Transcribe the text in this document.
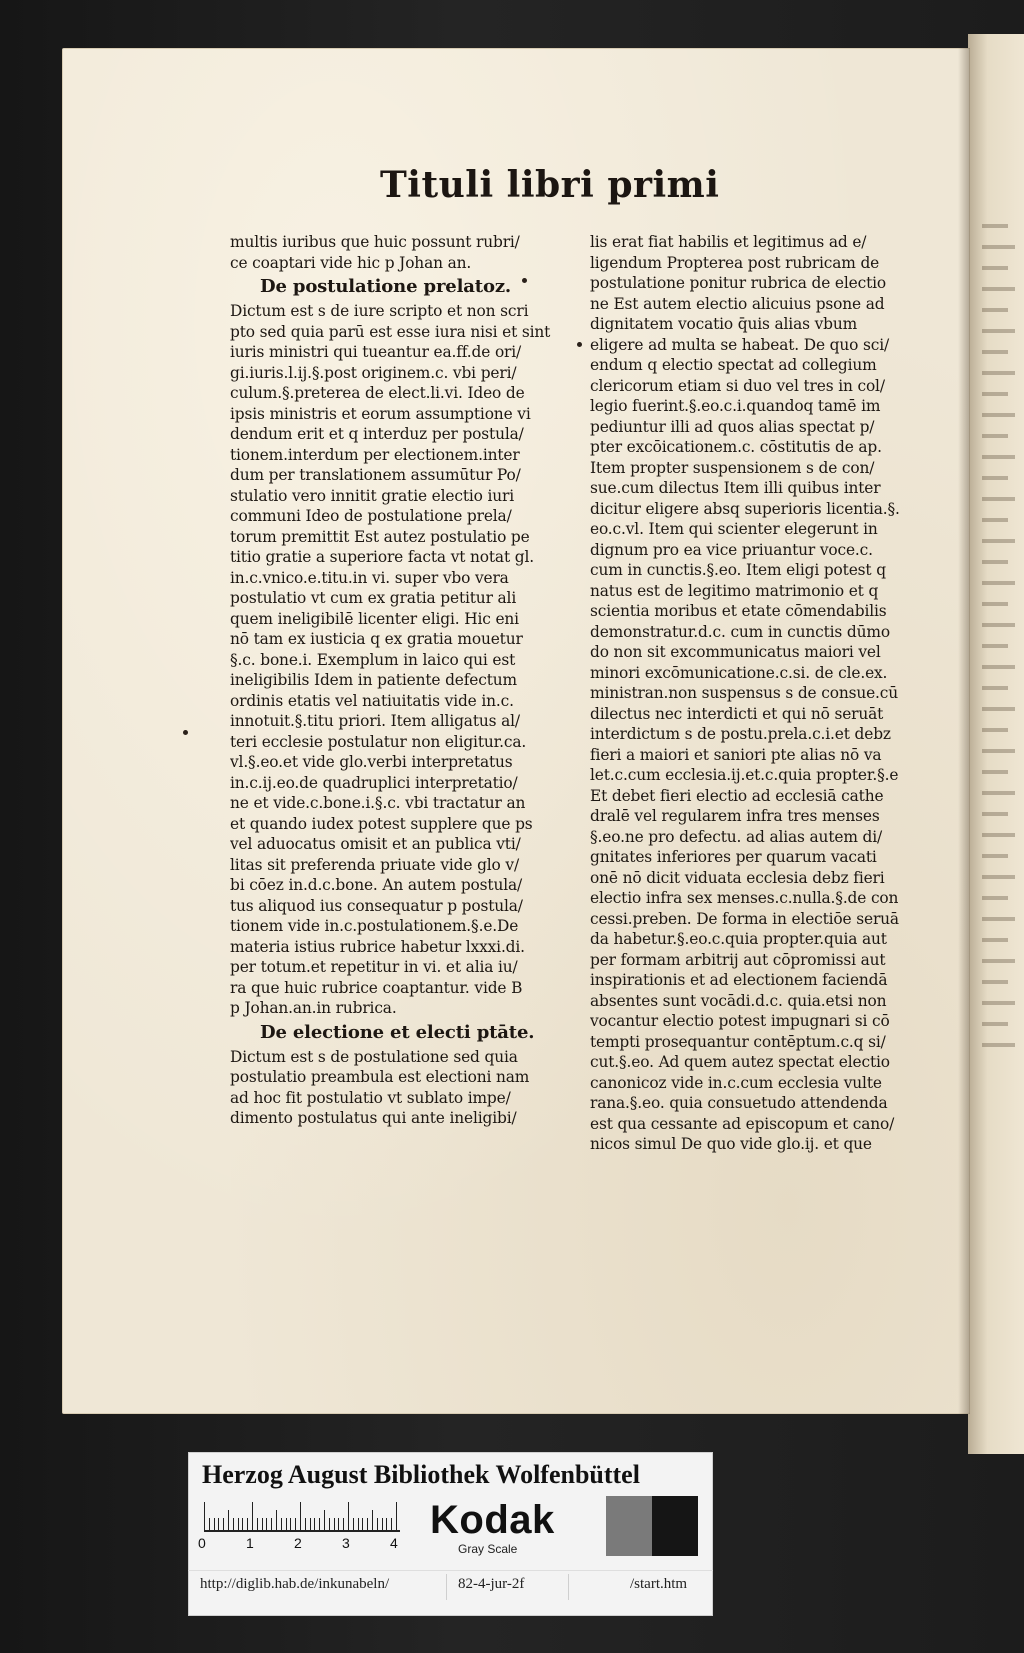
Tituli libri primi
multis iuribus que huic possunt rubri/
ce coaptari vide hic p Johan an.
De postulatione prelatoz.
Dictum est s de iure scripto et non scri
pto sed quia parū est esse iura nisi et sint
iuris ministri qui tueantur ea.ff.de ori/
gi.iuris.l.ij.§.post originem.c. vbi peri/
culum.§.preterea de elect.li.vi. Ideo de
ipsis ministris et eorum assumptione vi
dendum erit et q interduz per postula/
tionem.interdum per electionem.inter
dum per translationem assumūtur Po/
stulatio vero innitit gratie electio iuri
communi Ideo de postulatione prela/
torum premittit Est autez postulatio pe
titio gratie a superiore facta vt notat gl.
in.c.vnico.e.titu.in vi. super vbo vera
postulatio vt cum ex gratia petitur ali
quem ineligibilē licenter eligi. Hic eni
nō tam ex iusticia q ex gratia mouetur
§.c. bone.i. Exemplum in laico qui est
ineligibilis Idem in patiente defectum
ordinis etatis vel natiuitatis vide in.c.
innotuit.§.titu priori. Item alligatus al/
teri ecclesie postulatur non eligitur.ca.
vl.§.eo.et vide glo.verbi interpretatus
in.c.ij.eo.de quadruplici interpretatio/
ne et vide.c.bone.i.§.c. vbi tractatur an
et quando iudex potest supplere que ps
vel aduocatus omisit et an publica vti/
litas sit preferenda priuate vide glo v/
bi cōez in.d.c.bone. An autem postula/
tus aliquod ius consequatur p postula/
tionem vide in.c.postulationem.§.e.De
materia istius rubrice habetur lxxxi.di.
per totum.et repetitur in vi. et alia iu/
ra que huic rubrice coaptantur. vide B
p Johan.an.in rubrica.
De electione et electi ptāte.
Dictum est s de postulatione sed quia
postulatio preambula est electioni nam
ad hoc fit postulatio vt sublato impe/
dimento postulatus qui ante ineligibi/
lis erat fiat habilis et legitimus ad e/
ligendum Propterea post rubricam de
postulatione ponitur rubrica de electio
ne Est autem electio alicuius psone ad
dignitatem vocatio q̄uis alias vbum
eligere ad multa se habeat. De quo sci/
endum q electio spectat ad collegium
clericorum etiam si duo vel tres in col/
legio fuerint.§.eo.c.i.quandoq tamē im
pediuntur illi ad quos alias spectat p/
pter excōicationem.c. cōstitutis de ap.
Item propter suspensionem s de con/
sue.cum dilectus Item illi quibus inter
dicitur eligere absq superioris licentia.§.
eo.c.vl. Item qui scienter elegerunt in
dignum pro ea vice priuantur voce.c.
cum in cunctis.§.eo. Item eligi potest q
natus est de legitimo matrimonio et q
scientia moribus et etate cōmendabilis
demonstratur.d.c. cum in cunctis dūmo
do non sit excommunicatus maiori vel
minori excōmunicatione.c.si. de cle.ex.
ministran.non suspensus s de consue.cū
dilectus nec interdicti et qui nō seruāt
interdictum s de postu.prela.c.i.et debz
fieri a maiori et saniori pte alias nō va
let.c.cum ecclesia.ij.et.c.quia propter.§.e
Et debet fieri electio ad ecclesiā cathe
dralē vel regularem infra tres menses
§.eo.ne pro defectu. ad alias autem di/
gnitates inferiores per quarum vacati
onē nō dicit viduata ecclesia debz fieri
electio infra sex menses.c.nulla.§.de con
cessi.preben. De forma in electiōe seruā
da habetur.§.eo.c.quia propter.quia aut
per formam arbitrij aut cōpromissi aut
inspirationis et ad electionem faciendā
absentes sunt vocādi.d.c. quia.etsi non
vocantur electio potest impugnari si cō
tempti prosequantur contēptum.c.q si/
cut.§.eo. Ad quem autez spectat electio
canonicoz vide in.c.cum ecclesia vulte
rana.§.eo. quia consuetudo attendenda
est qua cessante ad episcopum et cano/
nicos simul De quo vide glo.ij. et que
Herzog August Bibliothek Wolfenbüttel
0	1	2	3	4
Kodak
Gray Scale
http://diglib.hab.de/inkunabeln/	82-4-jur-2f	/start.htm
